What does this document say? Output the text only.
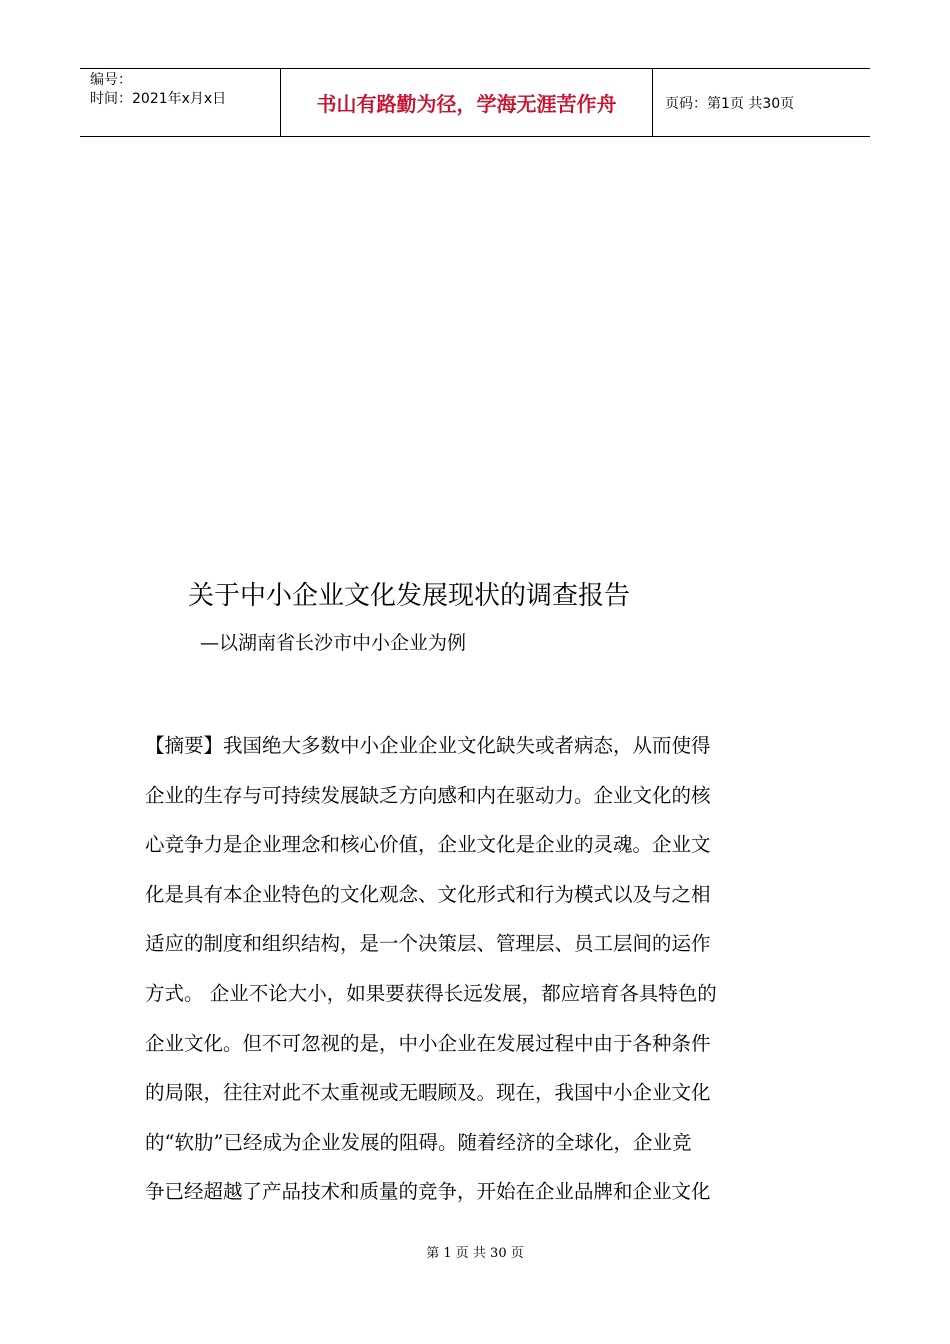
编号：
时间：2021年x月x日	书山有路勤为径，学海无涯苦作舟	页码：第1页 共30页
关于中小企业文化发展现状的调查报告
—以湖南省长沙市中小企业为例
【摘要】我国绝大多数中小企业企业文化缺失或者病态，从而使得
企业的生存与可持续发展缺乏方向感和内在驱动力。企业文化的核
心竞争力是企业理念和核心价值，企业文化是企业的灵魂。企业文
化是具有本企业特色的文化观念、文化形式和行为模式以及与之相
适应的制度和组织结构，是一个决策层、管理层、员工层间的运作
方式。 企业不论大小，如果要获得长远发展，都应培育各具特色的
企业文化。但不可忽视的是，中小企业在发展过程中由于各种条件
的局限，往往对此不太重视或无暇顾及。现在，我国中小企业文化
的“软肋”已经成为企业发展的阻碍。随着经济的全球化，企业竞
争已经超越了产品技术和质量的竞争，开始在企业品牌和企业文化
第 1 页 共 30 页
